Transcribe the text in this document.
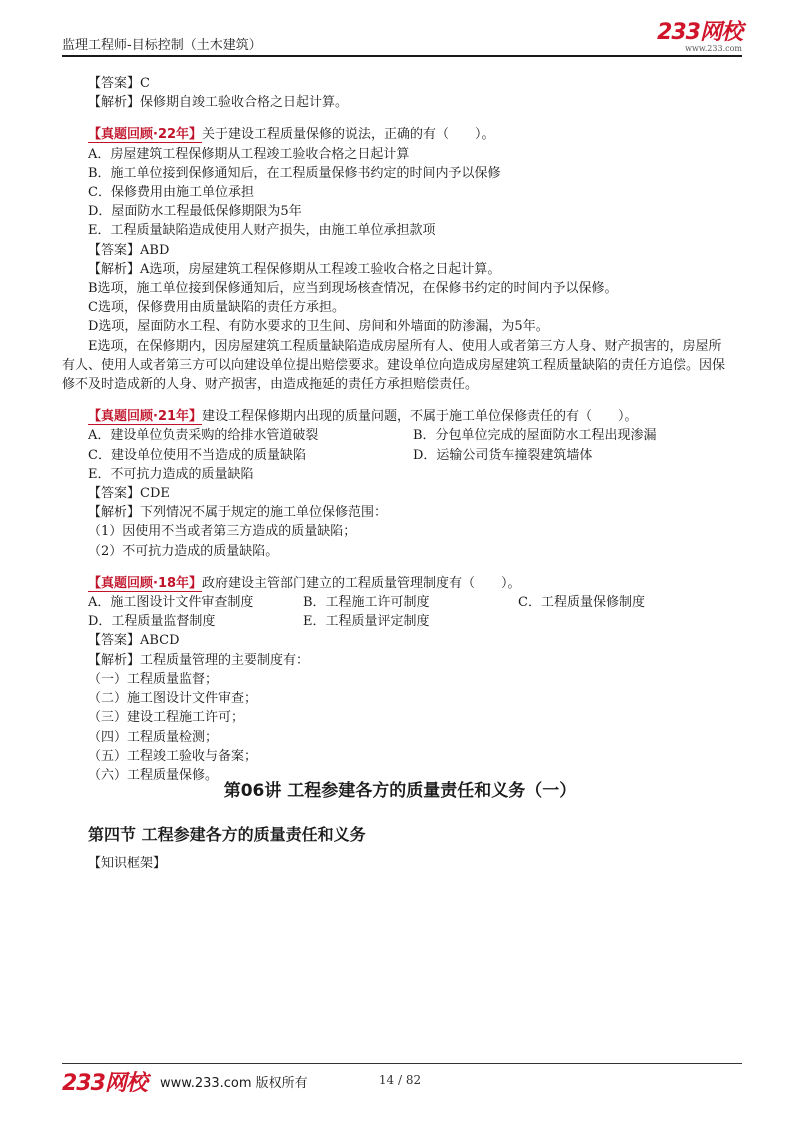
监理工程师-目标控制（土木建筑）
233网校
www.233.com
【答案】C
【解析】保修期自竣工验收合格之日起计算。
【真题回顾·22年】关于建设工程质量保修的说法，正确的有（　　）。
A．房屋建筑工程保修期从工程竣工验收合格之日起计算
B．施工单位接到保修通知后，在工程质量保修书约定的时间内予以保修
C．保修费用由施工单位承担
D．屋面防水工程最低保修期限为5年
E．工程质量缺陷造成使用人财产损失，由施工单位承担款项
【答案】ABD
【解析】A选项，房屋建筑工程保修期从工程竣工验收合格之日起计算。
B选项，施工单位接到保修通知后，应当到现场核查情况，在保修书约定的时间内予以保修。
C选项，保修费用由质量缺陷的责任方承担。
D选项，屋面防水工程、有防水要求的卫生间、房间和外墙面的防渗漏，为5年。
E选项，在保修期内，因房屋建筑工程质量缺陷造成房屋所有人、使用人或者第三方人身、财产损害的，房屋所有人、使用人或者第三方可以向建设单位提出赔偿要求。建设单位向造成房屋建筑工程质量缺陷的责任方追偿。因保修不及时造成新的人身、财产损害，由造成拖延的责任方承担赔偿责任。
【真题回顾·21年】建设工程保修期内出现的质量问题，不属于施工单位保修责任的有（　　）。
A．建设单位负责采购的给排水管道破裂	B．分包单位完成的屋面防水工程出现渗漏
C．建设单位使用不当造成的质量缺陷	D．运输公司货车撞裂建筑墙体
E．不可抗力造成的质量缺陷
【答案】CDE
【解析】下列情况不属于规定的施工单位保修范围：
（1）因使用不当或者第三方造成的质量缺陷；
（2）不可抗力造成的质量缺陷。
【真题回顾·18年】政府建设主管部门建立的工程质量管理制度有（　　）。
A．施工图设计文件审查制度	B．工程施工许可制度	C．工程质量保修制度
D．工程质量监督制度	E．工程质量评定制度
【答案】ABCD
【解析】工程质量管理的主要制度有：
（一）工程质量监督；
（二）施工图设计文件审查；
（三）建设工程施工许可；
（四）工程质量检测；
（五）工程竣工验收与备案；
（六）工程质量保修。
第06讲 工程参建各方的质量责任和义务（一）
第四节 工程参建各方的质量责任和义务
【知识框架】
233网校 www.233.com 版权所有	14 / 82
